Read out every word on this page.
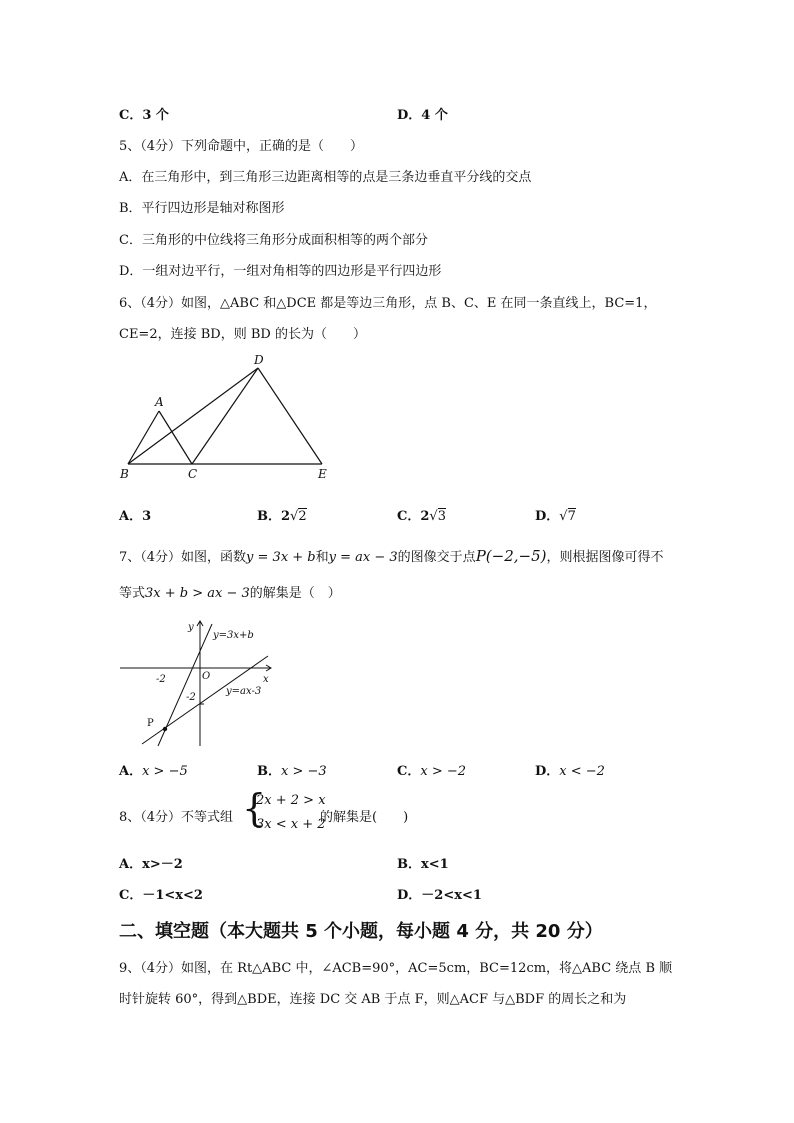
C．3 个	D．4 个
5、（4分）下列命题中，正确的是（　　）
A．在三角形中，到三角形三边距离相等的点是三条边垂直平分线的交点
B．平行四边形是轴对称图形
C．三角形的中位线将三角形分成面积相等的两个部分
D．一组对边平行，一组对角相等的四边形是平行四边形
6、（4分）如图，△ABC 和△DCE 都是等边三角形，点 B、C、E 在同一条直线上，BC=1，
CE=2，连接 BD，则 BD 的长为（　　）
A
B	C
D
E
A．3	B．2√2	C．2√3	D．√7
7、（4分）如图，函数y = 3x + b和y = ax − 3的图像交于点P(−2,−5)，则根据图像可得不
等式3x + b > ax − 3的解集是（　）
y
x
O
y=3x+b
y=ax-3
-2
-2
P
A．x > −5	B．x > −3	C．x > −2	D．x < −2
8、（4分）不等式组 {
2x + 2 > x
3x < x + 2
的解集是(　　)
A．x>－2	B．x<1
C．－1<x<2	D．－2<x<1
二、填空题（本大题共 5 个小题，每小题 4 分，共 20 分）
9、（4分）如图，在 Rt△ABC 中，∠ACB=90°，AC=5cm，BC=12cm，将△ABC 绕点 B 顺
时针旋转 60°，得到△BDE，连接 DC 交 AB 于点 F，则△ACF 与△BDF 的周长之和为
